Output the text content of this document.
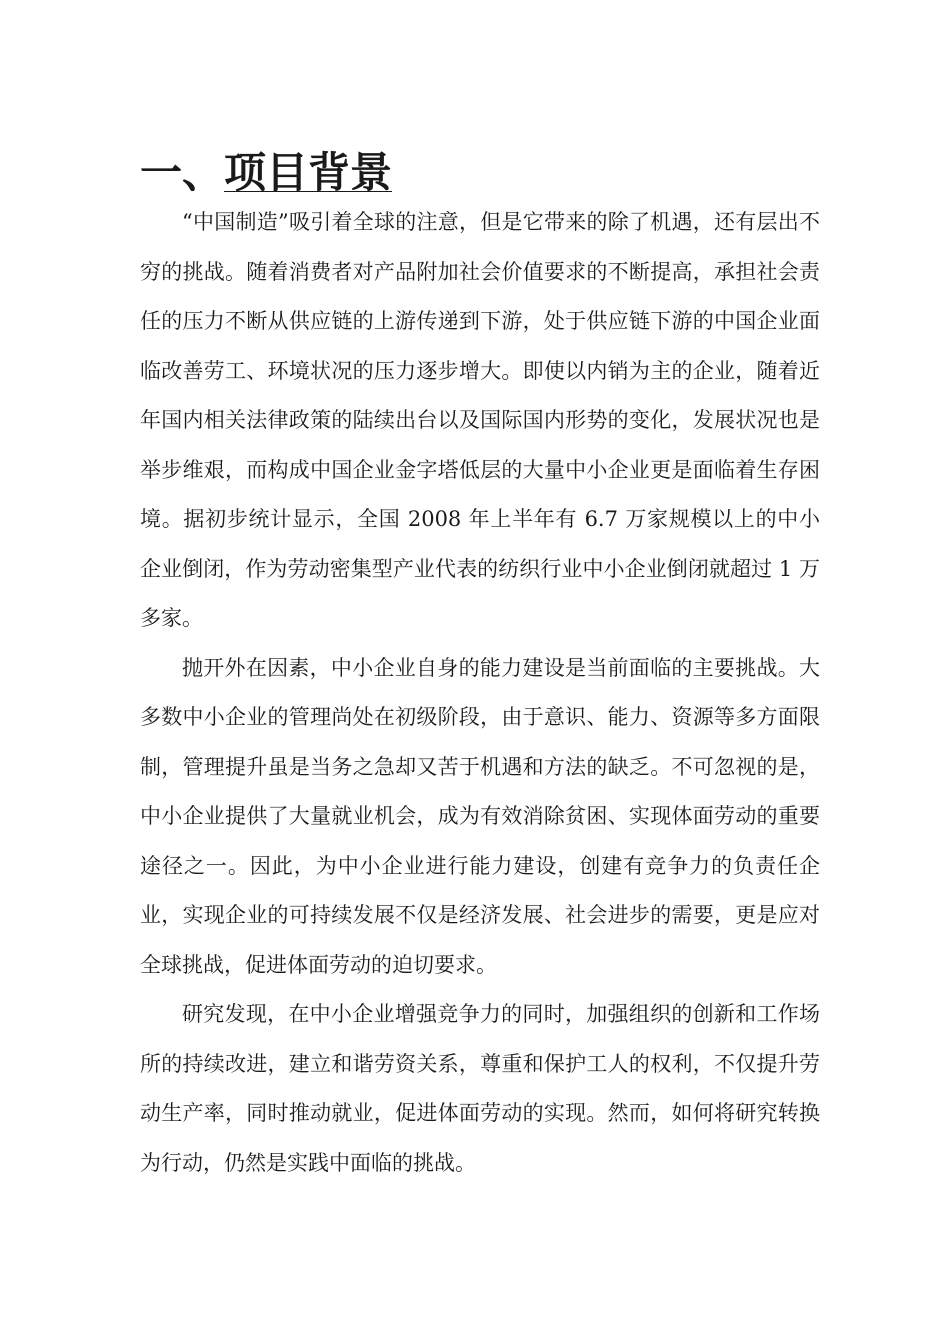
一、项目背景

“中国制造”吸引着全球的注意，但是它带来的除了机遇，还有层出不穷的挑战。随着消费者对产品附加社会价值要求的不断提高，承担社会责任的压力不断从供应链的上游传递到下游，处于供应链下游的中国企业面临改善劳工、环境状况的压力逐步增大。即使以内销为主的企业，随着近年国内相关法律政策的陆续出台以及国际国内形势的变化，发展状况也是举步维艰，而构成中国企业金字塔低层的大量中小企业更是面临着生存困境。据初步统计显示，全国 2008 年上半年有 6.7 万家规模以上的中小企业倒闭，作为劳动密集型产业代表的纺织行业中小企业倒闭就超过 1 万多家。

抛开外在因素，中小企业自身的能力建设是当前面临的主要挑战。大多数中小企业的管理尚处在初级阶段，由于意识、能力、资源等多方面限制，管理提升虽是当务之急却又苦于机遇和方法的缺乏。不可忽视的是，中小企业提供了大量就业机会，成为有效消除贫困、实现体面劳动的重要途径之一。因此，为中小企业进行能力建设，创建有竞争力的负责任企业，实现企业的可持续发展不仅是经济发展、社会进步的需要，更是应对全球挑战，促进体面劳动的迫切要求。

研究发现，在中小企业增强竞争力的同时，加强组织的创新和工作场所的持续改进，建立和谐劳资关系，尊重和保护工人的权利，不仅提升劳动生产率，同时推动就业，促进体面劳动的实现。然而，如何将研究转换为行动，仍然是实践中面临的挑战。
